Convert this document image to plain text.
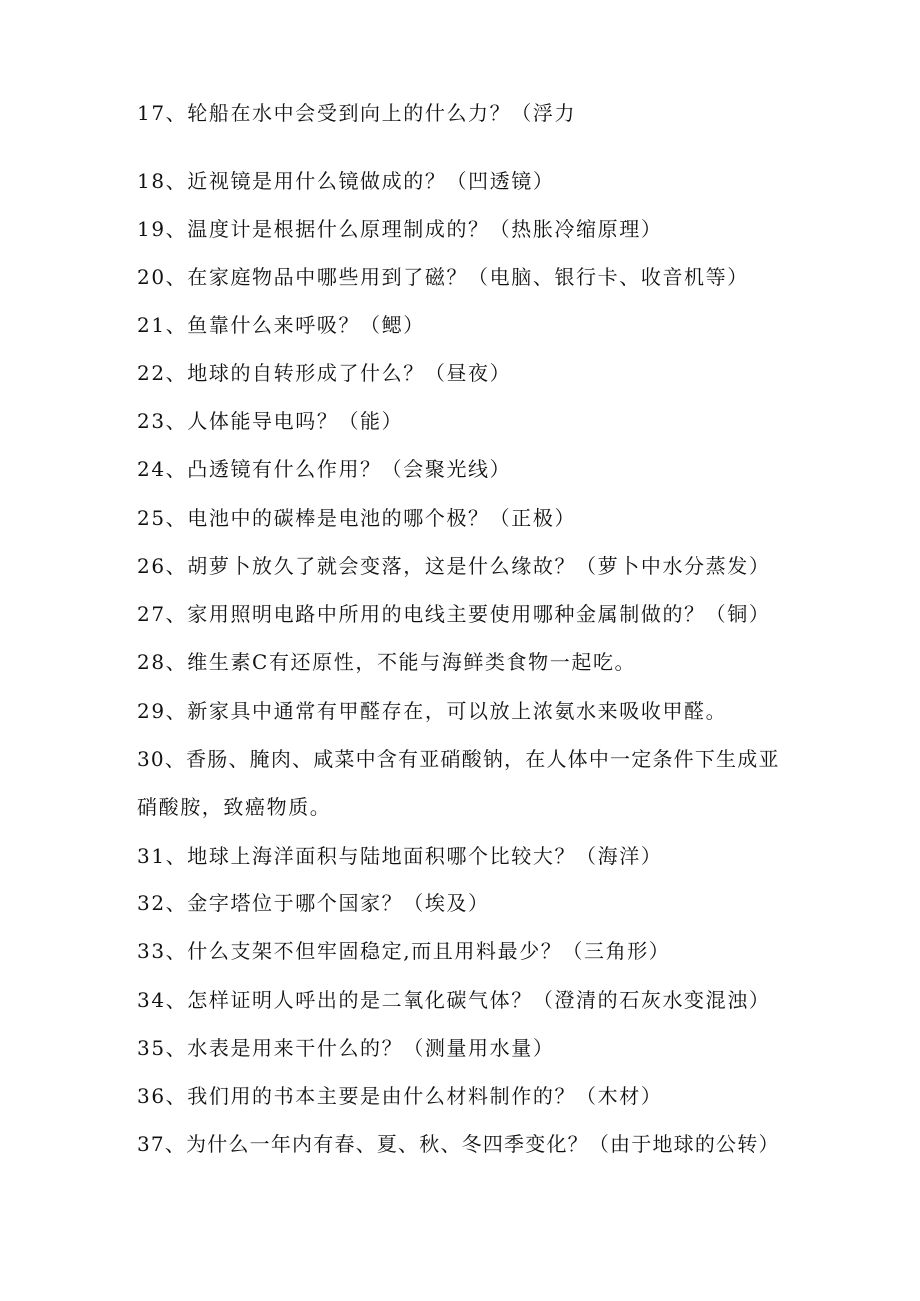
17、轮船在水中会受到向上的什么力？（浮力
18、近视镜是用什么镜做成的？（凹透镜）
19、温度计是根据什么原理制成的？（热胀冷缩原理）
20、在家庭物品中哪些用到了磁？（电脑、银行卡、收音机等）
21、鱼靠什么来呼吸？（鳃）
22、地球的自转形成了什么？（昼夜）
23、人体能导电吗？（能）
24、凸透镜有什么作用？（会聚光线）
25、电池中的碳棒是电池的哪个极？（正极）
26、胡萝卜放久了就会变落，这是什么缘故？（萝卜中水分蒸发）
27、家用照明电路中所用的电线主要使用哪种金属制做的？（铜）
28、维生素C有还原性，不能与海鲜类食物一起吃。
29、新家具中通常有甲醛存在，可以放上浓氨水来吸收甲醛。
30、香肠、腌肉、咸菜中含有亚硝酸钠，在人体中一定条件下生成亚
硝酸胺，致癌物质。
31、地球上海洋面积与陆地面积哪个比较大？（海洋）
32、金字塔位于哪个国家？（埃及）
33、什么支架不但牢固稳定,而且用料最少？（三角形）
34、怎样证明人呼出的是二氧化碳气体？（澄清的石灰水变混浊）
35、水表是用来干什么的？（测量用水量）
36、我们用的书本主要是由什么材料制作的？（木材）
37、为什么一年内有春、夏、秋、冬四季变化？（由于地球的公转）
